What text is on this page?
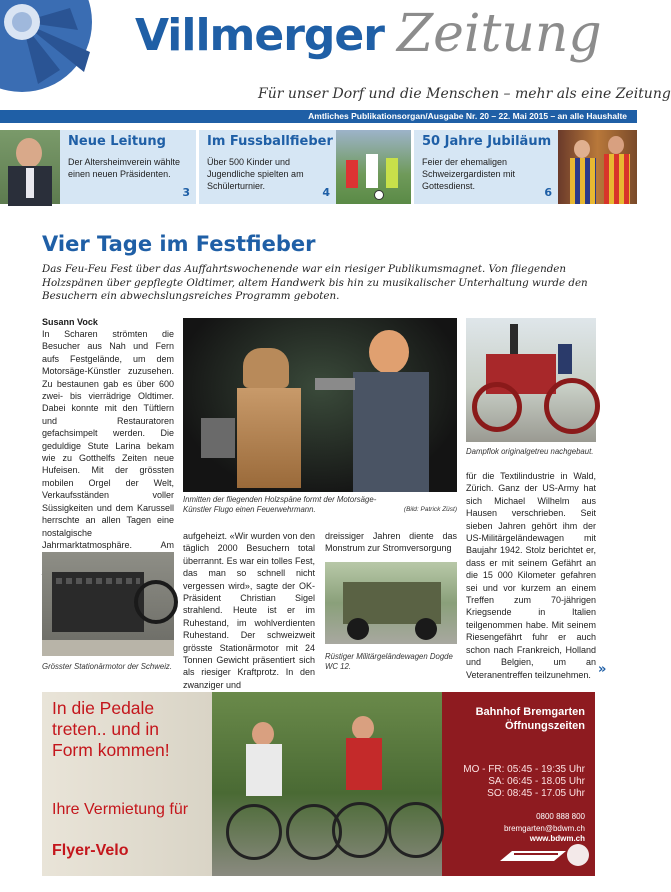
Villmerger Zeitung
Für unser Dorf und die Menschen – mehr als eine Zeitung
Amtliches Publikationsorgan/Ausgabe Nr. 20 – 22. Mai 2015 – an alle Haushalte
Neue Leitung
Der Altersheimverein wählte einen neuen Präsidenten.
3
Im Fussballfieber
Über 500 Kinder und Jugendliche spielten am Schülerturnier.	4
50 Jahre Jubiläum
Feier der ehemaligen Schweizergardisten mit Gottesdienst.	6
Vier Tage im Festfieber
Das Feu-Feu Fest über das Auffahrtswochenende war ein riesiger Publikumsmagnet. Von fliegenden Holzspänen über gepflegte Oldtimer, altem Handwerk bis hin zu musikalischer Unterhaltung wurde den Besuchern ein abwechslungsreiches Programm geboten.
Susann Vock
In Scharen strömten die Besucher aus Nah und Fern aufs Festgelände, um dem Motorsäge-Künstler zuzusehen. Zu bestaunen gab es über 600 zwei- bis vierrädrige Oldtimer. Dabei konnte mit den Tüftlern und Restauratoren gefachsimpelt werden. Die geduldige Stute Larina bekam wie zu Gotthelfs Zeiten neue Hufeisen. Mit der grössten mobilen Orgel der Welt, Verkaufsständen voller Süssigkeiten und dem Karussell herrschte an allen Tagen eine nostalgische Jahrmarktatmosphäre. Am
Grösster Stationärmotor der Schweiz.
Inmitten der fliegenden Holzspäne formt der Motorsäge-Künstler Flugo einen Feuerwehrmann.	(Bild: Patrick Züst)
aufgeheizt. «Wir wurden von den täglich 2000 Besuchern total überrannt. Es war ein tolles Fest, das man so schnell nicht vergessen wird», sagte der OK-Präsident Christian Sigel strahlend. Heute ist er im Ruhestand, im wohlverdienten Ruhestand. Der schweizweit grösste Stationärmotor mit 24 Tonnen Gewicht präsentiert sich als riesiger Kraftprotz. In den zwanziger und
dreissiger Jahren diente das Monstrum zur Stromversorgung
Rüstiger Militärgeländewagen Dogde WC 12.
Dampflok originalgetreu nachgebaut.
für die Textilindustrie in Wald, Zürich. Ganz der US-Army hat sich Michael Wilhelm aus Hausen verschrieben. Seit sieben Jahren gehört ihm der US-Militärgeländewagen mit Baujahr 1942. Stolz berichtet er, dass er mit seinem Gefährt an die 15 000 Kilometer gefahren sei und vor kurzem an einem Treffen zum 70-jährigen Kriegsende in Italien teilgenommen habe. Mit seinem Riesengefährt fuhr er auch schon nach Frankreich, Holland und Belgien, um an Veteranentreffen teilzunehmen. »
In die Pedale treten.. und in Form kommen!
Ihre Vermietung für
Flyer-Velo
Bahnhof Bremgarten
Öffnungszeiten
MO - FR: 05:45 - 19:35 Uhr
SA: 06:45 - 18.05 Uhr
SO: 08:45 - 17.05 Uhr
0800 888 800
bremgarten@bdwm.ch
www.bdwm.ch
